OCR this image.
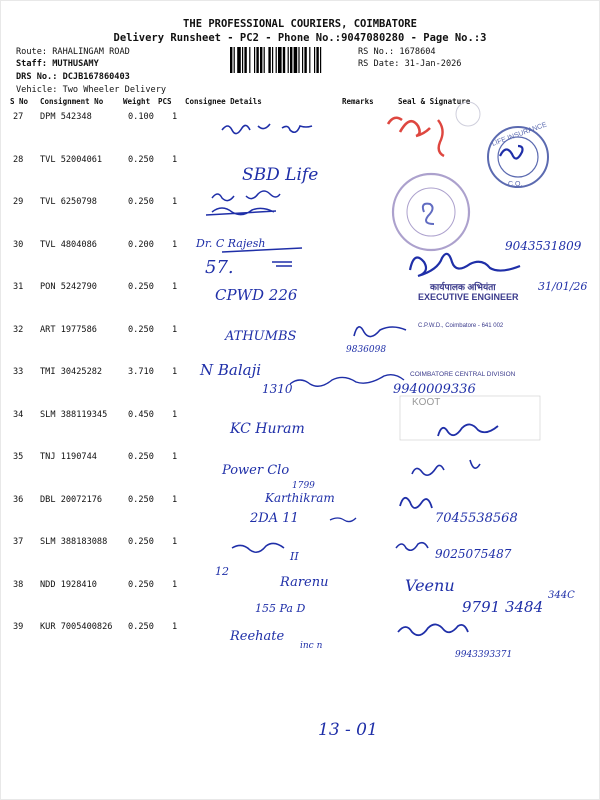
THE PROFESSIONAL COURIERS, COIMBATORE
Delivery Runsheet - PC2 - Phone No.:9047080280 - Page No.:3
Route: RAHALINGAM ROAD
Staff: MUTHUSAMY
DRS No.: DCJB167860403
Vehicle: Two Wheeler Delivery
RS No.: 1678604
RS Date: 31-Jan-2026
S No Consignment No	Weight PCS Consignee Details	Remarks	Seal & Signature
27 DPM 542348	0.100 1
28 TVL 52004061	0.250 1
29 TVL 6250798	0.250 1
30 TVL 4804086	0.200 1
31 PON 5242790	0.250 1
32 ART 1977586	0.250 1
33 TMI 30425282	3.710 1
34 SLM 388119345 0.450 1
35 TNJ 1190744	0.250 1
36 DBL 20072176	0.250 1
37 SLM 388183088 0.250 1
38 NDD 1928410	0.250 1
39 KUR 7005400826 0.250 1
LIFE INSURANCE
C.O.
कार्यपालक अभियंता
EXECUTIVE ENGINEER
COIMBATORE CENTRAL DIVISION
C.P.W.D., Coimbatore - 641 002
KOOT
SBD Life
Dr. C Rajesh
57.
CPWD 226
ATHUMBS
N Balaji
1310
KC Huram
Power Clo
1799
Karthikram
2DA 11
12
II
Rarenu
155 Pa D
Reehate
inc n
9043531809
31/01/26
9836098
9940009336
7045538568
9025075487
Veenu
9791 3484
344C
9943393371
13 - 01
